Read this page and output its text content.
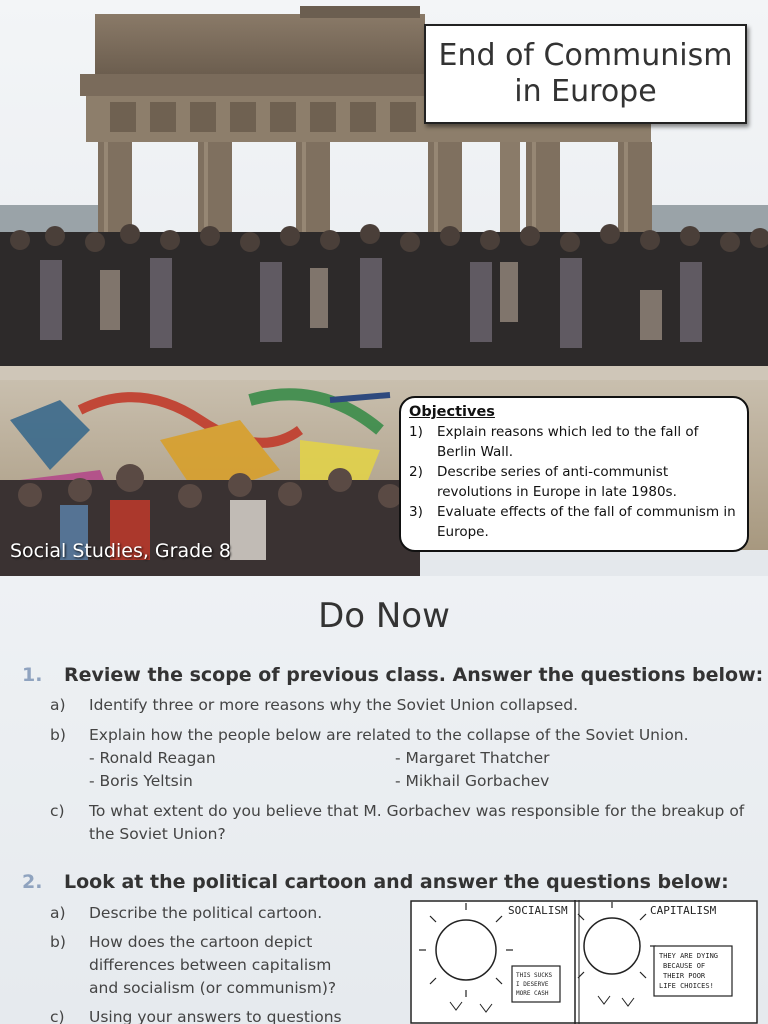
End of Communism in Europe
Objectives
1)	Explain reasons which led to the fall of Berlin Wall.
2)	Describe series of anti-communist revolutions in Europe in late 1980s.
3)	Evaluate effects of the fall of communism in Europe.
Social Studies, Grade 8
Do Now
1.	Review the scope of previous class. Answer the questions below:
a)	Identify three or more reasons why the Soviet Union collapsed.
b)	Explain how the people below are related to the collapse of the Soviet Union.
- Ronald Reagan	- Margaret Thatcher
- Boris Yeltsin	- Mikhail Gorbachev
c)	To what extent do you believe that M. Gorbachev was responsible for the breakup of
the Soviet Union?
2.	Look at the political cartoon and answer the questions below:
a)	Describe the political cartoon.
b)	How does the cartoon depict
differences between capitalism
and socialism (or communism)?
c)	Using your answers to questions
SOCIALISM	CAPITALISM
THIS SUCKS
I DESERVE
MORE CASH
THEY ARE DYING
BECAUSE OF
THEIR POOR
LIFE CHOICES!
